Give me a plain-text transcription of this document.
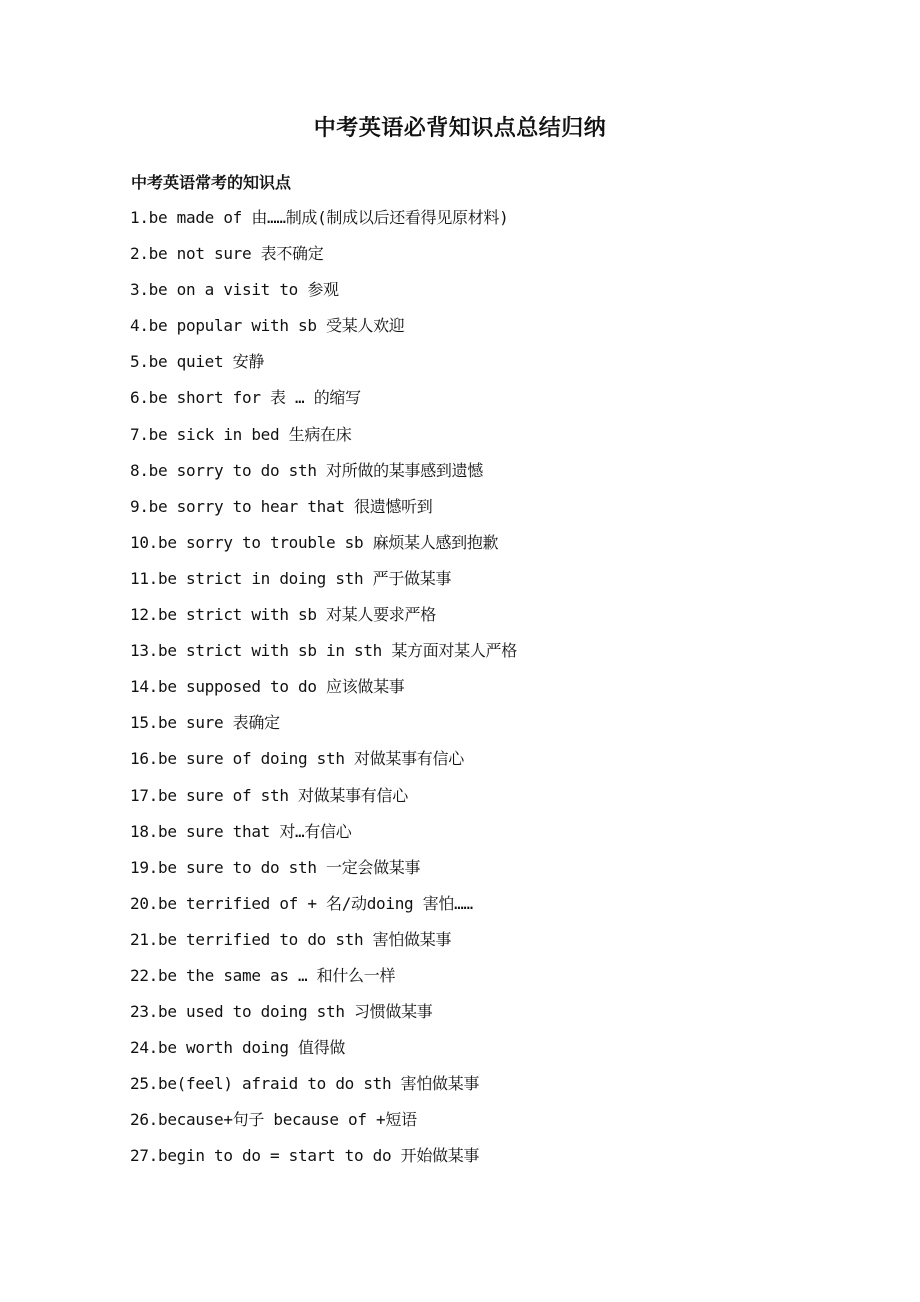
中考英语必背知识点总结归纳
中考英语常考的知识点
1.be made of 由……制成(制成以后还看得见原材料)
2.be not sure 表不确定
3.be on a visit to 参观
4.be popular with sb 受某人欢迎
5.be quiet 安静
6.be short for 表 … 的缩写
7.be sick in bed 生病在床
8.be sorry to do sth 对所做的某事感到遗憾
9.be sorry to hear that 很遗憾听到
10.be sorry to trouble sb 麻烦某人感到抱歉
11.be strict in doing sth 严于做某事
12.be strict with sb 对某人要求严格
13.be strict with sb in sth 某方面对某人严格
14.be supposed to do 应该做某事
15.be sure 表确定
16.be sure of doing sth 对做某事有信心
17.be sure of sth 对做某事有信心
18.be sure that 对…有信心
19.be sure to do sth 一定会做某事
20.be terrified of + 名/动doing 害怕……
21.be terrified to do sth 害怕做某事
22.be the same as … 和什么一样
23.be used to doing sth 习惯做某事
24.be worth doing 值得做
25.be(feel) afraid to do sth 害怕做某事
26.because+句子 because of +短语
27.begin to do = start to do 开始做某事
